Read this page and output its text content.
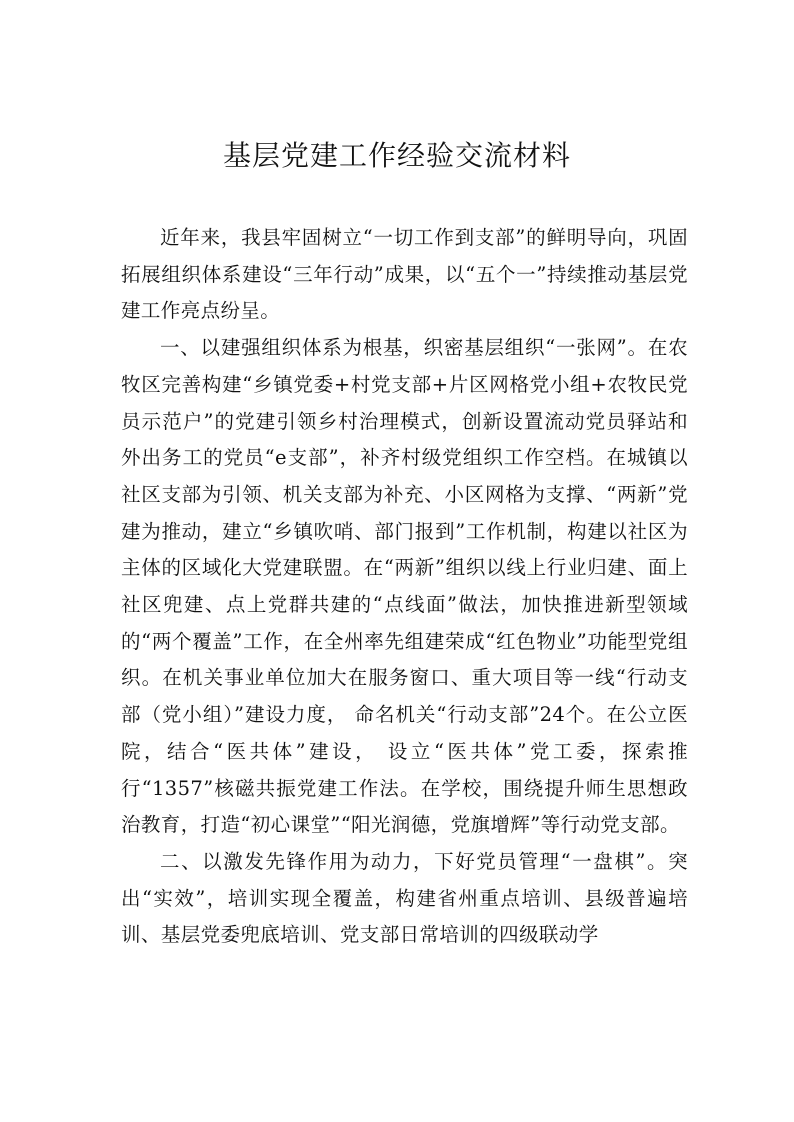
基层党建工作经验交流材料

近年来，我县牢固树立“一切工作到支部”的鲜明导向，巩固拓展组织体系建设“三年行动”成果，以“五个一”持续推动基层党建工作亮点纷呈。

一、以建强组织体系为根基，织密基层组织“一张网”。在农牧区完善构建“乡镇党委+村党支部+片区网格党小组+农牧民党员示范户”的党建引领乡村治理模式，创新设置流动党员驿站和外出务工的党员“e支部”，补齐村级党组织工作空档。在城镇以社区支部为引领、机关支部为补充、小区网格为支撑、“两新”党建为推动，建立“乡镇吹哨、部门报到”工作机制，构建以社区为主体的区域化大党建联盟。在“两新”组织以线上行业归建、面上社区兜建、点上党群共建的“点线面”做法，加快推进新型领域的“两个覆盖”工作，在全州率先组建荣成“红色物业”功能型党组织。在机关事业单位加大在服务窗口、重大项目等一线“行动支部（党小组）”建设力度， 命名机关“行动支部”24个。在公立医院，结合“医共体”建设， 设立“医共体”党工委，探索推行“1357”核磁共振党建工作法。在学校，围绕提升师生思想政治教育，打造“初心课堂”“阳光润德，党旗增辉”等行动党支部。

二、以激发先锋作用为动力，下好党员管理“一盘棋”。突出“实效”，培训实现全覆盖，构建省州重点培训、县级普遍培训、基层党委兜底培训、党支部日常培训的四级联动学
